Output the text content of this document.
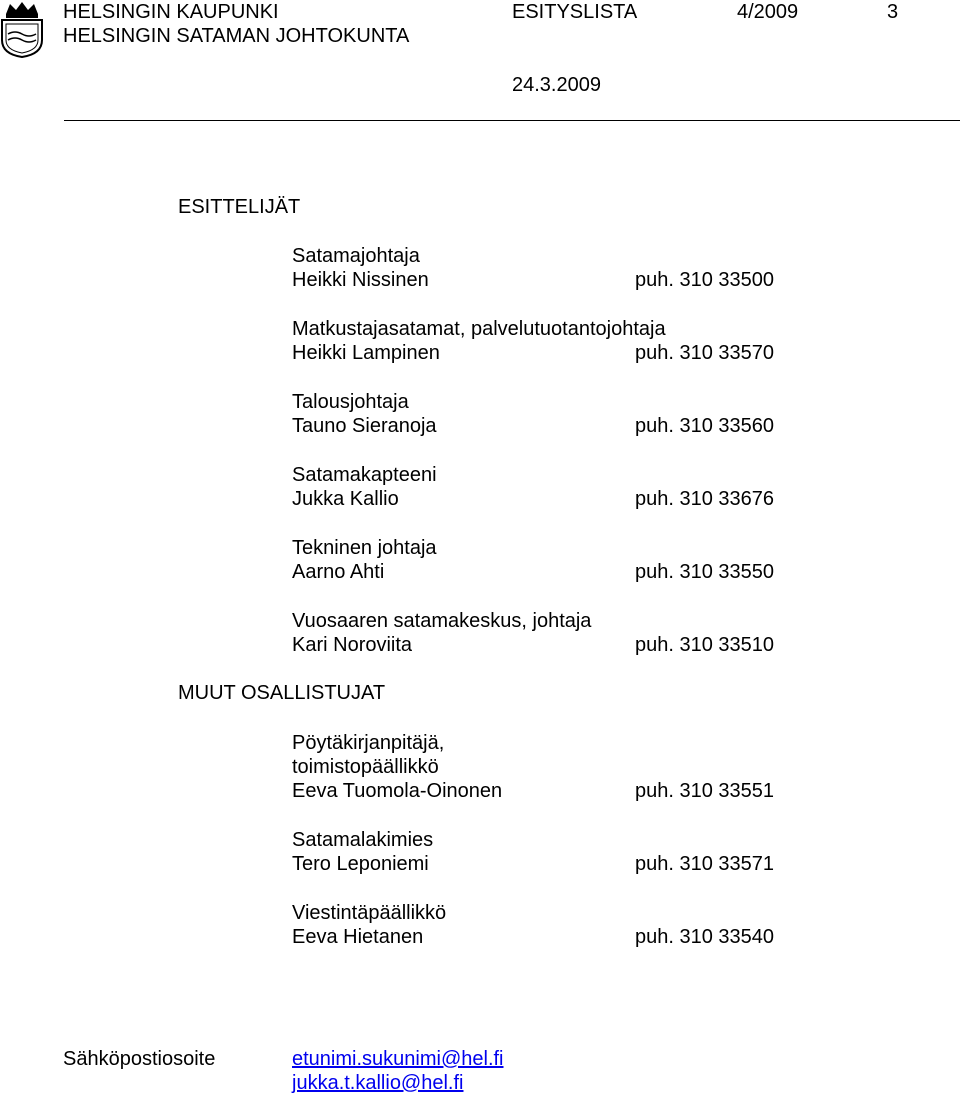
HELSINGIN KAUPUNKI
HELSINGIN SATAMAN JOHTOKUNTA
ESITYSLISTA	4/2009	3
24.3.2009
ESITTELIJÄT
Satamajohtaja
Heikki Nissinen	puh. 310 33500
Matkustajasatamat, palvelutuotantojohtaja
Heikki Lampinen	puh. 310 33570
Talousjohtaja
Tauno Sieranoja	puh. 310 33560
Satamakapteeni
Jukka Kallio	puh. 310 33676
Tekninen johtaja
Aarno Ahti	puh. 310 33550
Vuosaaren satamakeskus, johtaja
Kari Noroviita	puh. 310 33510
MUUT OSALLISTUJAT
Pöytäkirjanpitäjä,
toimistopäällikkö
Eeva Tuomola-Oinonen	puh. 310 33551
Satamalakimies
Tero Leponiemi	puh. 310 33571
Viestintäpäällikkö
Eeva Hietanen	puh. 310 33540
Sähköpostiosoite	etunimi.sukunimi@hel.fi
jukka.t.kallio@hel.fi
